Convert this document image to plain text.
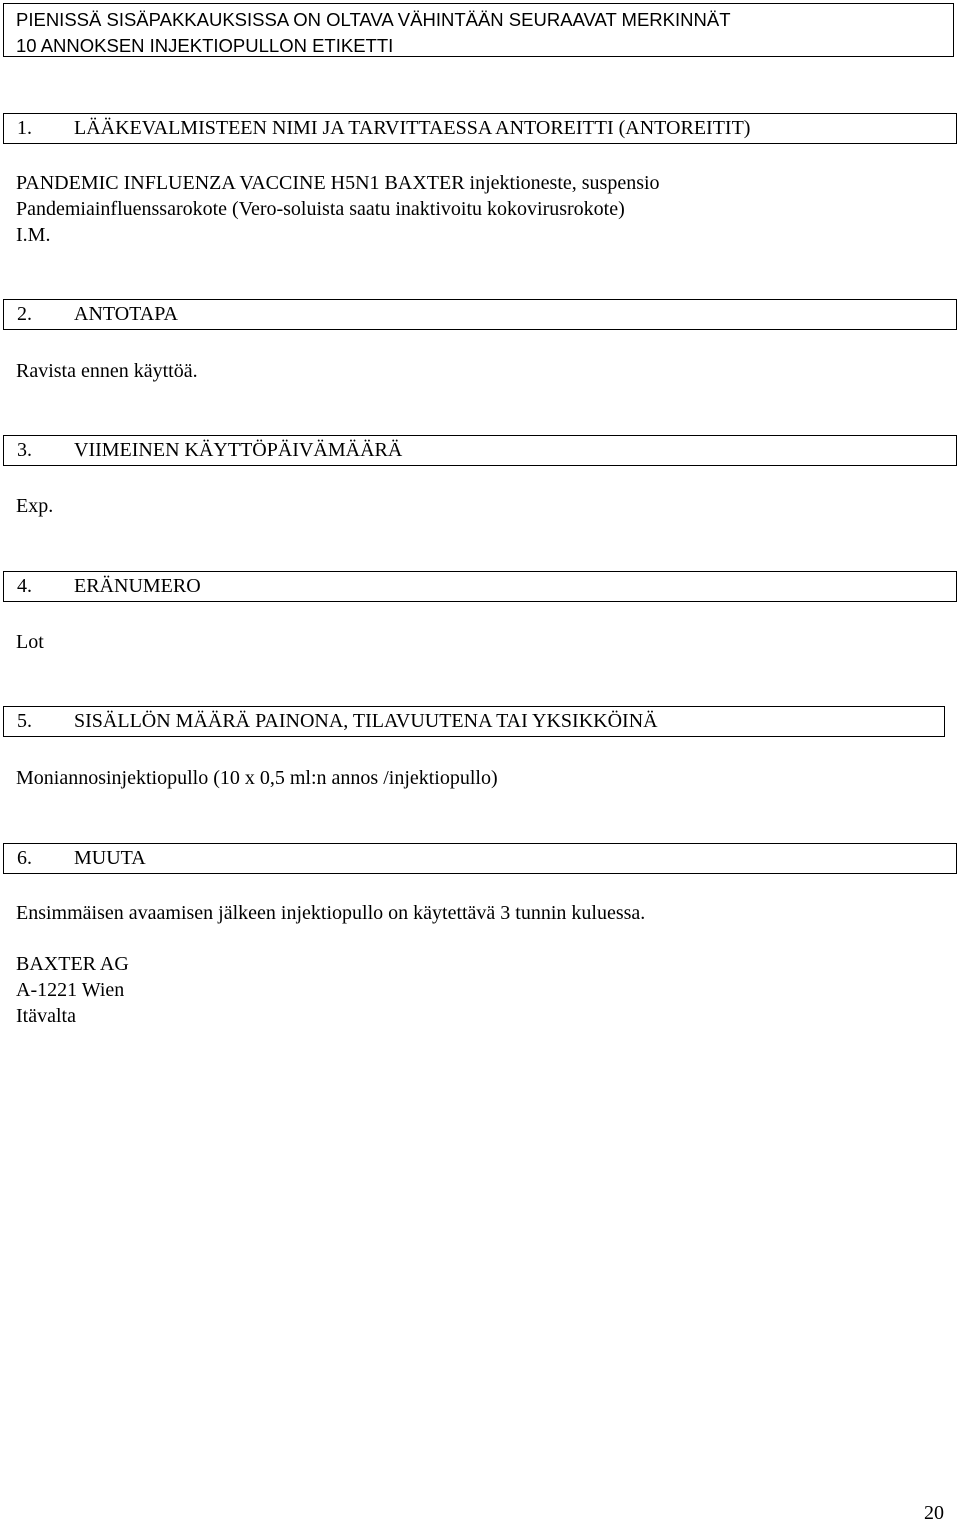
PIENISSÄ SISÄPAKKAUKSISSA ON OLTAVA VÄHINTÄÄN SEURAAVAT MERKINNÄT
10 ANNOKSEN INJEKTIOPULLON ETIKETTI
1. LÄÄKEVALMISTEEN NIMI JA TARVITTAESSA ANTOREITTI (ANTOREITIT)
PANDEMIC INFLUENZA VACCINE H5N1 BAXTER injektioneste, suspensio
Pandemiainfluenssarokote (Vero-soluista saatu inaktivoitu kokovirusrokote)
I.M.
2. ANTOTAPA
Ravista ennen käyttöä.
3. VIIMEINEN KÄYTTÖPÄIVÄMÄÄRÄ
Exp.
4. ERÄNUMERO
Lot
5. SISÄLLÖN MÄÄRÄ PAINONA, TILAVUUTENA TAI YKSIKKÖINÄ
Moniannosinjektiopullo (10 x 0,5 ml:n annos /injektiopullo)
6. MUUTA
Ensimmäisen avaamisen jälkeen injektiopullo on käytettävä 3 tunnin kuluessa.
BAXTER AG
A-1221 Wien
Itävalta
20
